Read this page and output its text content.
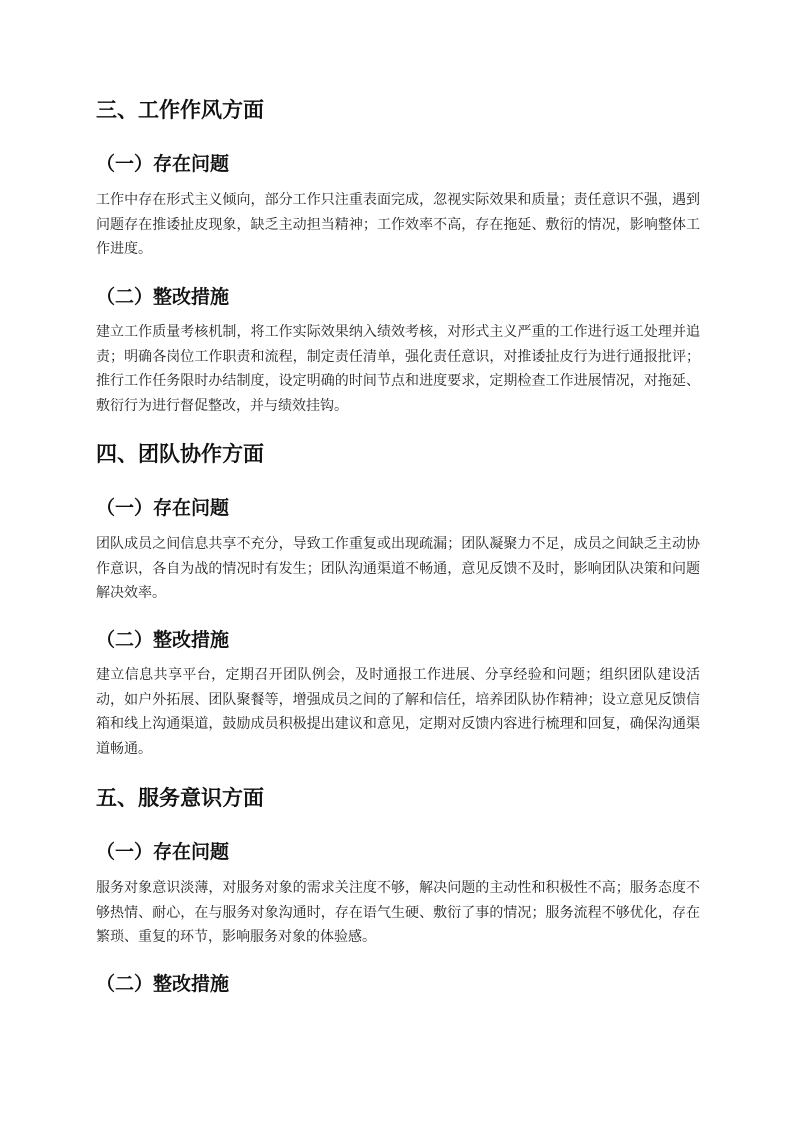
三、工作作风方面
（一）存在问题

工作中存在形式主义倾向，部分工作只注重表面完成，忽视实际效果和质量；责任意识不强，遇到问题存在推诿扯皮现象，缺乏主动担当精神；工作效率不高，存在拖延、敷衍的情况，影响整体工作进度。

（二）整改措施

建立工作质量考核机制，将工作实际效果纳入绩效考核，对形式主义严重的工作进行返工处理并追责；明确各岗位工作职责和流程，制定责任清单，强化责任意识，对推诿扯皮行为进行通报批评；推行工作任务限时办结制度，设定明确的时间节点和进度要求，定期检查工作进展情况，对拖延、敷衍行为进行督促整改，并与绩效挂钩。

四、团队协作方面
（一）存在问题

团队成员之间信息共享不充分，导致工作重复或出现疏漏；团队凝聚力不足，成员之间缺乏主动协作意识，各自为战的情况时有发生；团队沟通渠道不畅通，意见反馈不及时，影响团队决策和问题解决效率。

（二）整改措施

建立信息共享平台，定期召开团队例会，及时通报工作进展、分享经验和问题；组织团队建设活动，如户外拓展、团队聚餐等，增强成员之间的了解和信任，培养团队协作精神；设立意见反馈信箱和线上沟通渠道，鼓励成员积极提出建议和意见，定期对反馈内容进行梳理和回复，确保沟通渠道畅通。

五、服务意识方面
（一）存在问题

服务对象意识淡薄，对服务对象的需求关注度不够，解决问题的主动性和积极性不高；服务态度不够热情、耐心，在与服务对象沟通时，存在语气生硬、敷衍了事的情况；服务流程不够优化，存在繁琐、重复的环节，影响服务对象的体验感。

（二）整改措施
